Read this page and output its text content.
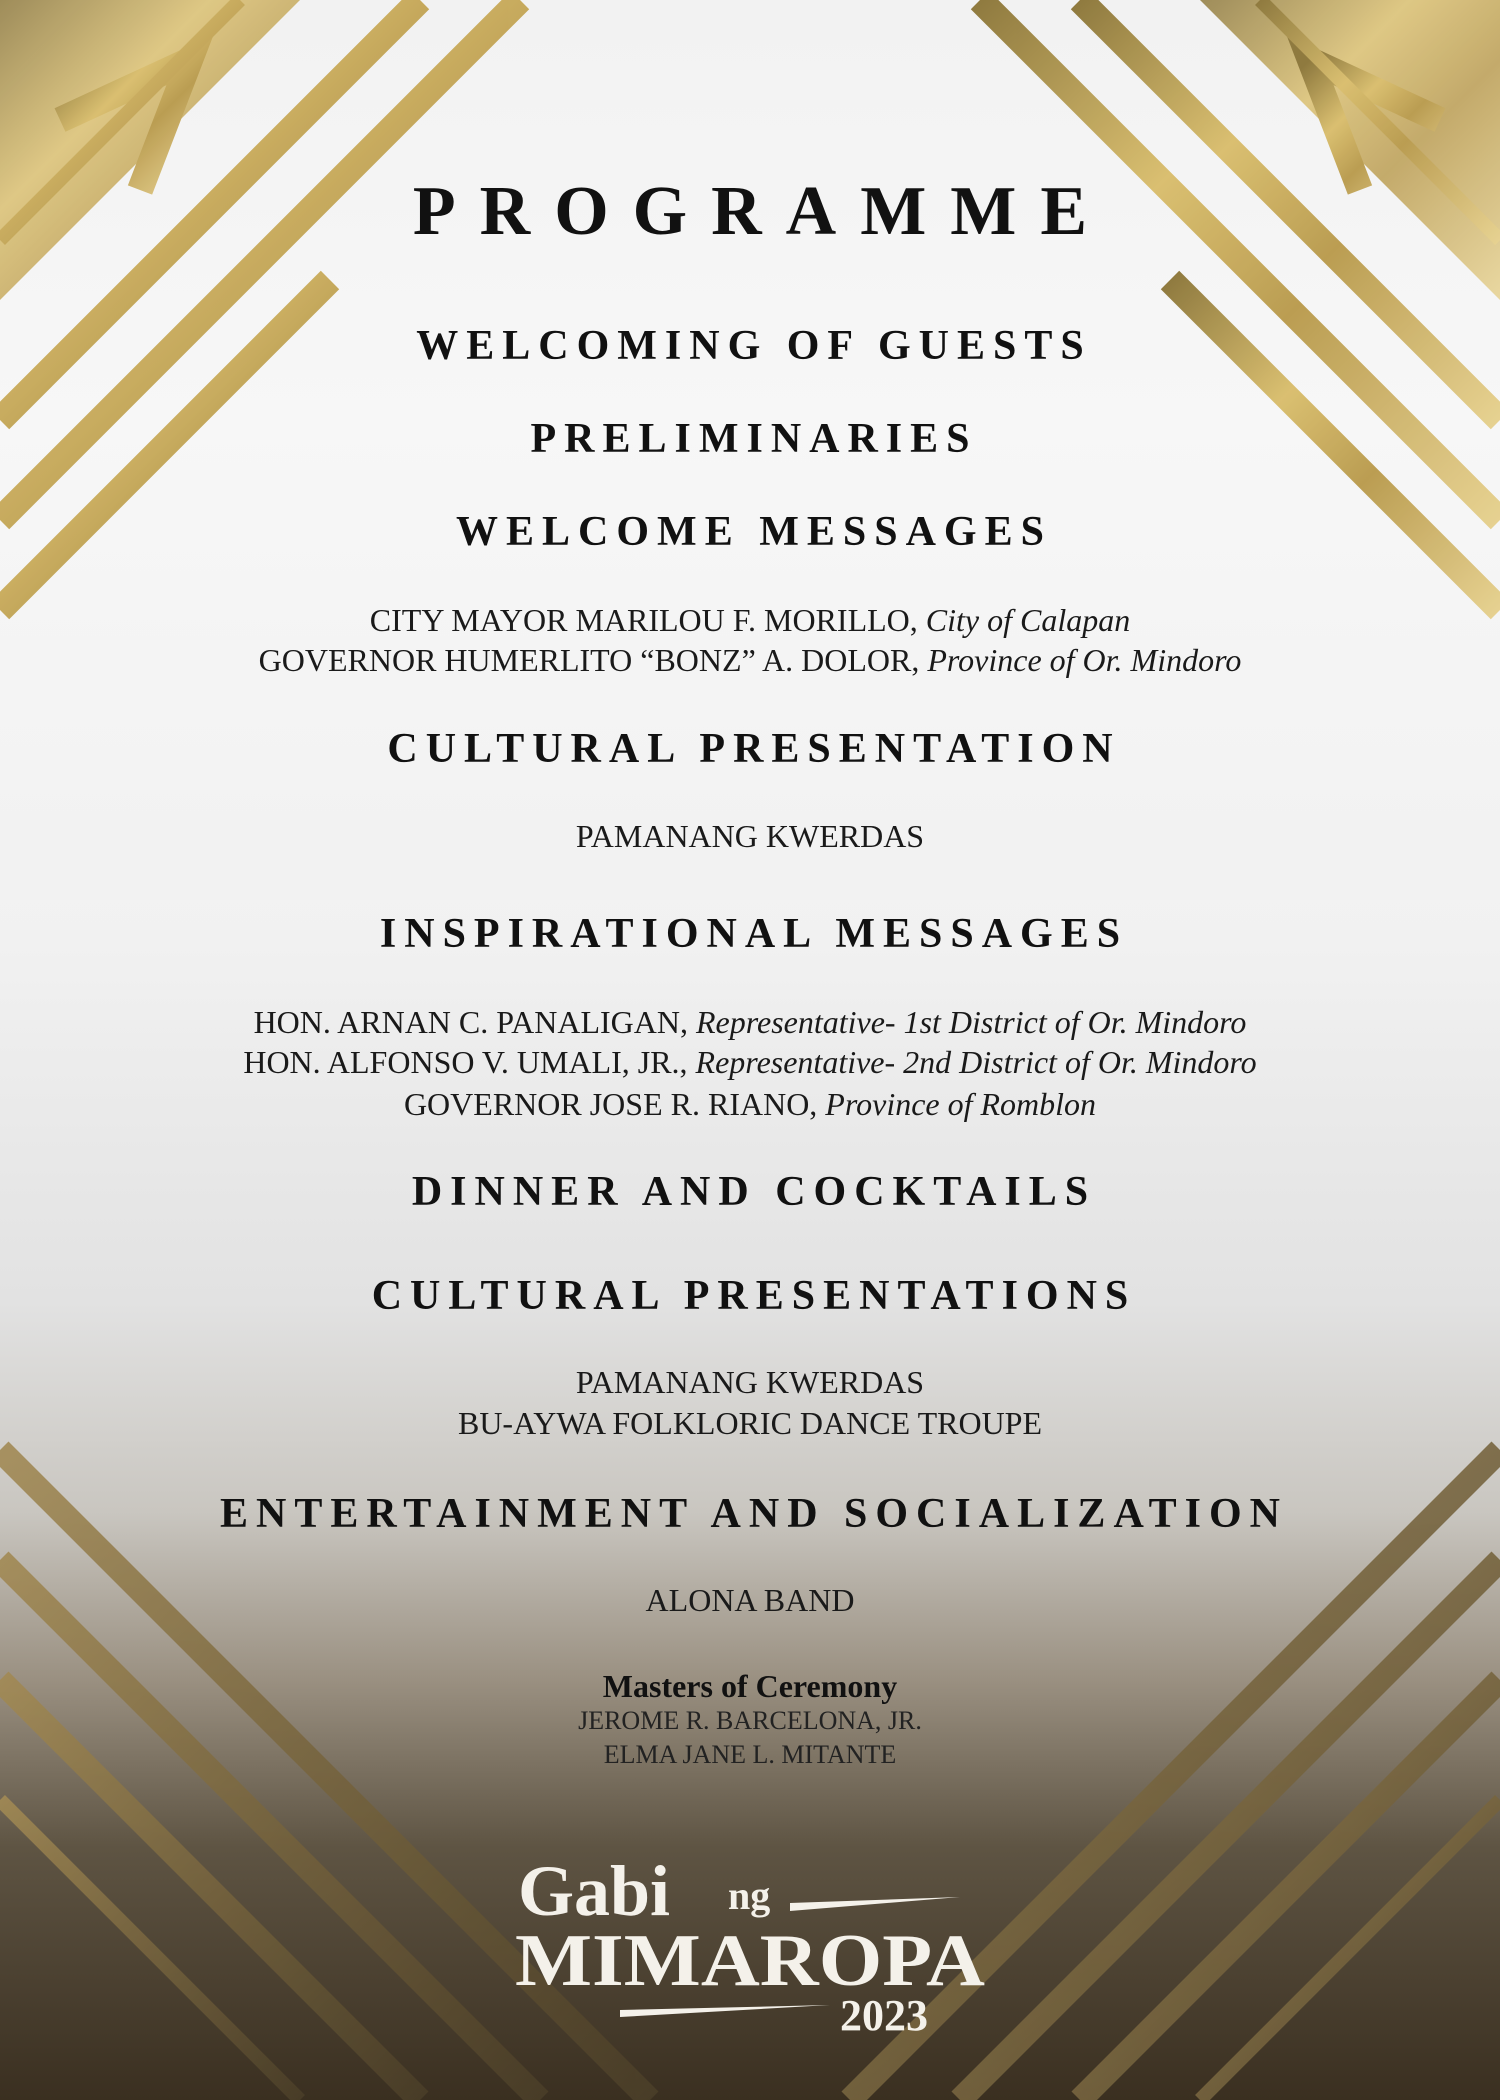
PROGRAMME
WELCOMING OF GUESTS
PRELIMINARIES
WELCOME MESSAGES
CITY MAYOR MARILOU F. MORILLO, City of Calapan
GOVERNOR HUMERLITO “BONZ” A. DOLOR, Province of Or. Mindoro
CULTURAL PRESENTATION
PAMANANG KWERDAS
INSPIRATIONAL MESSAGES
HON. ARNAN C. PANALIGAN, Representative- 1st District of Or. Mindoro
HON. ALFONSO V. UMALI, JR., Representative- 2nd District of Or. Mindoro
GOVERNOR JOSE R. RIANO, Province of Romblon
DINNER AND COCKTAILS
CULTURAL PRESENTATIONS
PAMANANG KWERDAS
BU-AYWA FOLKLORIC DANCE TROUPE
ENTERTAINMENT AND SOCIALIZATION
ALONA BAND
Masters of Ceremony
JEROME R. BARCELONA, JR.
ELMA JANE L. MITANTE
Gabi ng
MIMAROPA
2023
